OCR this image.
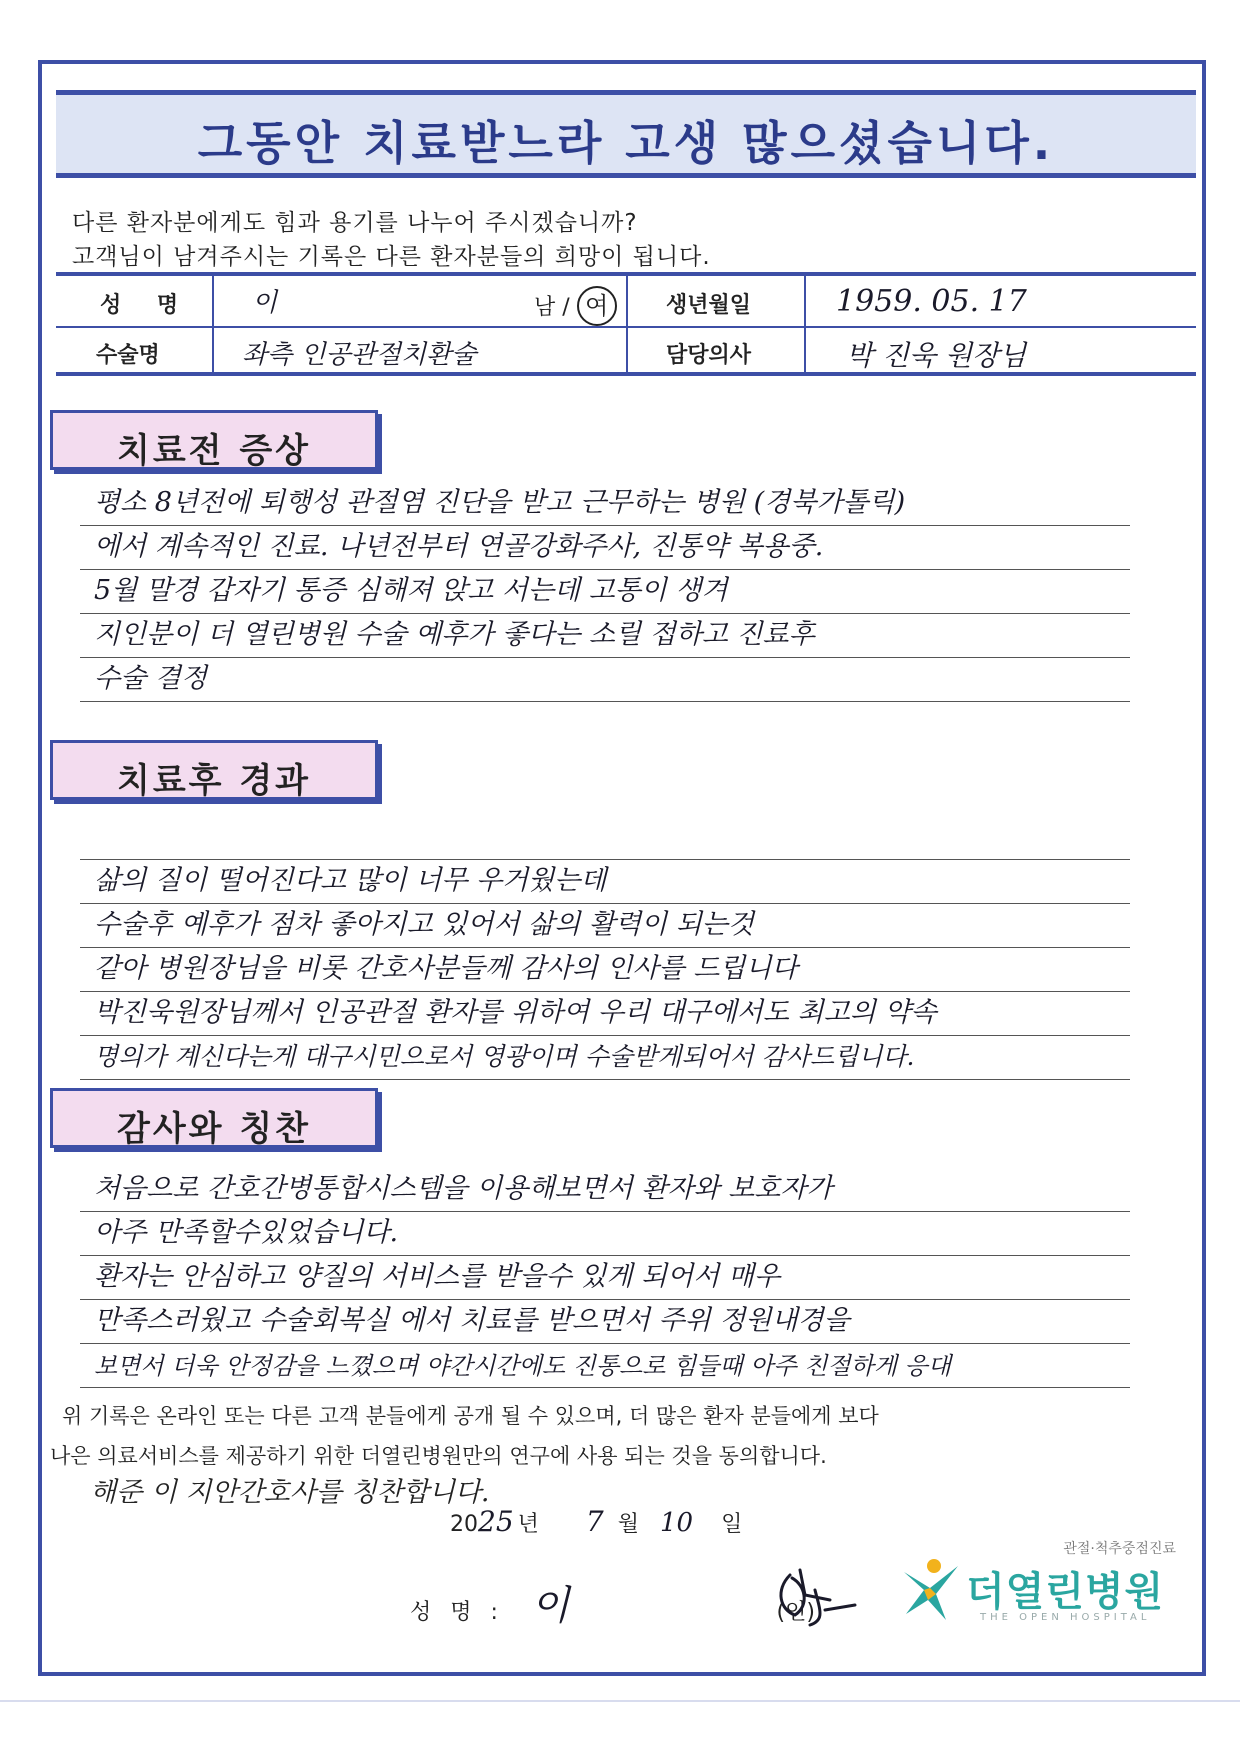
그동안 치료받느라 고생 많으셨습니다.
다른 환자분에게도 힘과 용기를 나누어 주시겠습니까?
고객님이 남겨주시는 기록은 다른 환자분들의 희망이 됩니다.
성 명 이	남 / 여	생년월일	1959. 05. 17
수술명	좌측 인공관절치환술	담당의사	박 진욱 원장님
치료전 증상
평소 8년전에 퇴행성 관절염 진단을 받고 근무하는 병원 (경북가톨릭)
에서 계속적인 진료. 나년전부터 연골강화주사, 진통약 복용중.
5월 말경 갑자기 통증 심해져 앉고 서는데 고통이 생겨
지인분이 더 열린병원 수술 예후가 좋다는 소릴 접하고 진료후
수술 결정
치료후 경과
삶의 질이 떨어진다고 많이 너무 우거웠는데
수술후 예후가 점차 좋아지고 있어서 삶의 활력이 되는것
같아 병원장님을 비롯 간호사분들께 감사의 인사를 드립니다
박진욱원장님께서 인공관절 환자를 위하여 우리 대구에서도 최고의 약속
명의가 계신다는게 대구시민으로서 영광이며 수술받게되어서 감사드립니다.
감사와 칭찬
처음으로 간호간병통합시스템을 이용해보면서 환자와 보호자가
아주 만족할수있었습니다.
환자는 안심하고 양질의 서비스를 받을수 있게 되어서 매우
만족스러웠고 수술회복실 에서 치료를 받으면서 주위 정원내경을
보면서 더욱 안정감을 느꼈으며 야간시간에도 진통으로 힘들때 아주 친절하게 응대
위 기록은 온라인 또는 다른 고객 분들에게 공개 될 수 있으며, 더 많은 환자 분들에게 보다
나은 의료서비스를 제공하기 위한 더열린병원만의 연구에 사용 되는 것을 동의합니다.
해준 이 지안간호사를 칭찬합니다.
2025 년 7 월 10 일
성 명 : 이	(인)
관절·척추중점진료
더열린병원
THE OPEN HOSPITAL
